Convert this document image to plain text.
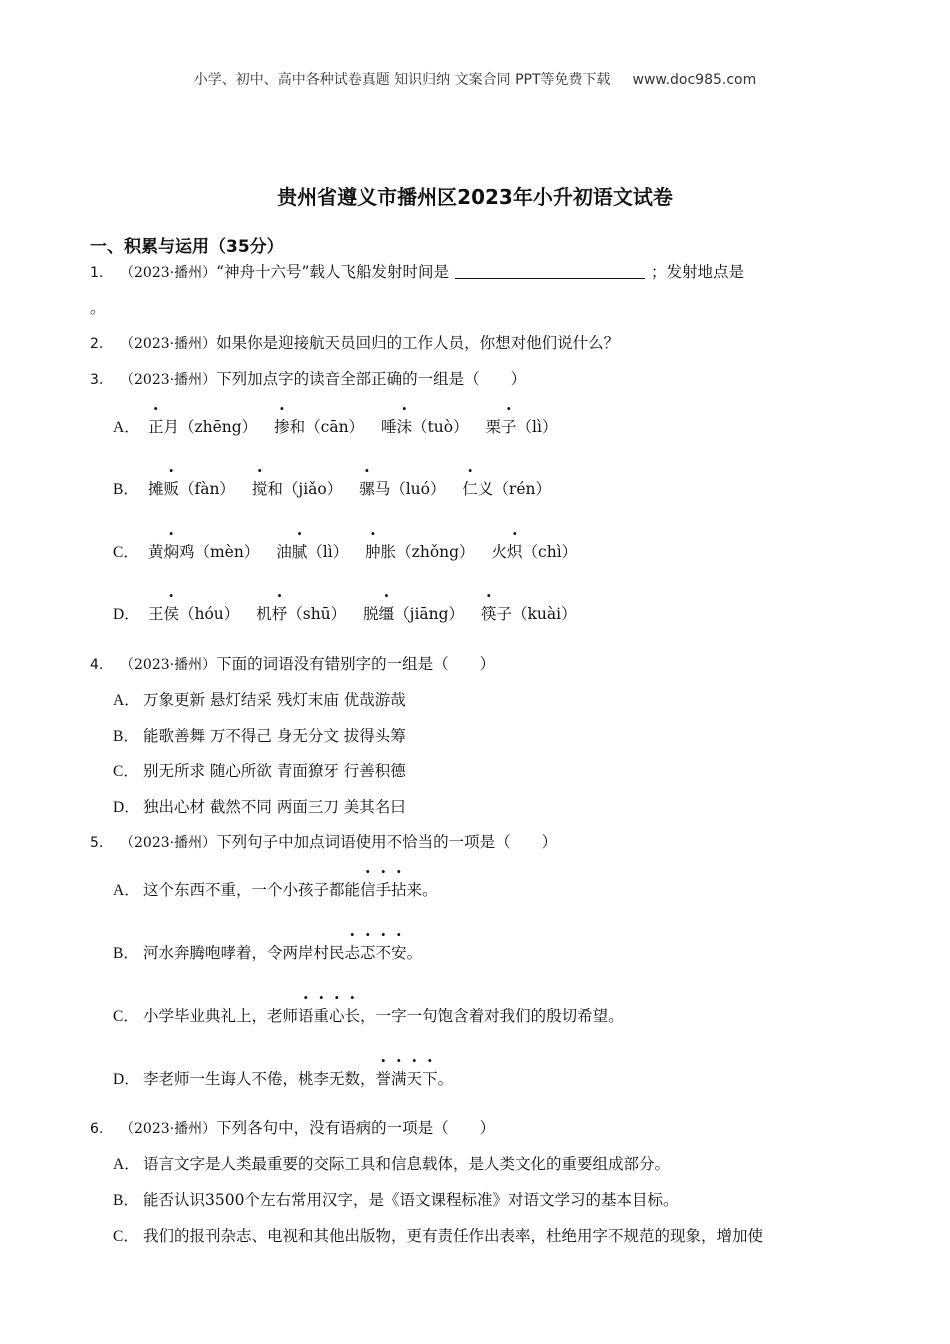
小学、初中、高中各种试卷真题 知识归纳 文案合同 PPT等免费下载 www.doc985.com
贵州省遵义市播州区2023年小升初语文试卷
一、积累与运用（35分）
1. （2023·播州）“神舟十六号”载人飞船发射时间是	；发射地点是
。
2. （2023·播州）如果你是迎接航天员回归的工作人员，你想对他们说什么？
3. （2023·播州）下列加点字的读音全部正确的一组是（　　）
A． 正月（zhēng） 掺和（cān） 唾沫（tuò） 栗子（lì）
B． 摊贩（fàn） 搅和（jiǎo） 骡马（luó） 仁义（rén）
C． 黄焖鸡（mèn） 油腻（lì） 肿胀（zhǒng） 火炽（chì）
D． 王侯（hóu） 机杼（shū） 脱缰（jiāng） 筷子（kuài）
4. （2023·播州）下面的词语没有错别字的一组是（　　）
A． 万象更新 悬灯结采 残灯末庙 优哉游哉
B． 能歌善舞 万不得己 身无分文 拔得头筹
C． 别无所求 随心所欲 青面獠牙 行善积德
D． 独出心材 截然不同 两面三刀 美其名曰
5. （2023·播州）下列句子中加点词语使用不恰当的一项是（　　）
A． 这个东西不重，一个小孩子都能信手拈来。
B． 河水奔腾咆哮着，令两岸村民忐忑不安。
C． 小学毕业典礼上，老师语重心长，一字一句饱含着对我们的殷切希望。
D． 李老师一生诲人不倦，桃李无数，誉满天下。
6. （2023·播州）下列各句中，没有语病的一项是（　　）
A． 语言文字是人类最重要的交际工具和信息载体，是人类文化的重要组成部分。
B． 能否认识3500个左右常用汉字，是《语文课程标准》对语文学习的基本目标。
C． 我们的报刊杂志、电视和其他出版物，更有责任作出表率，杜绝用字不规范的现象，增加使
